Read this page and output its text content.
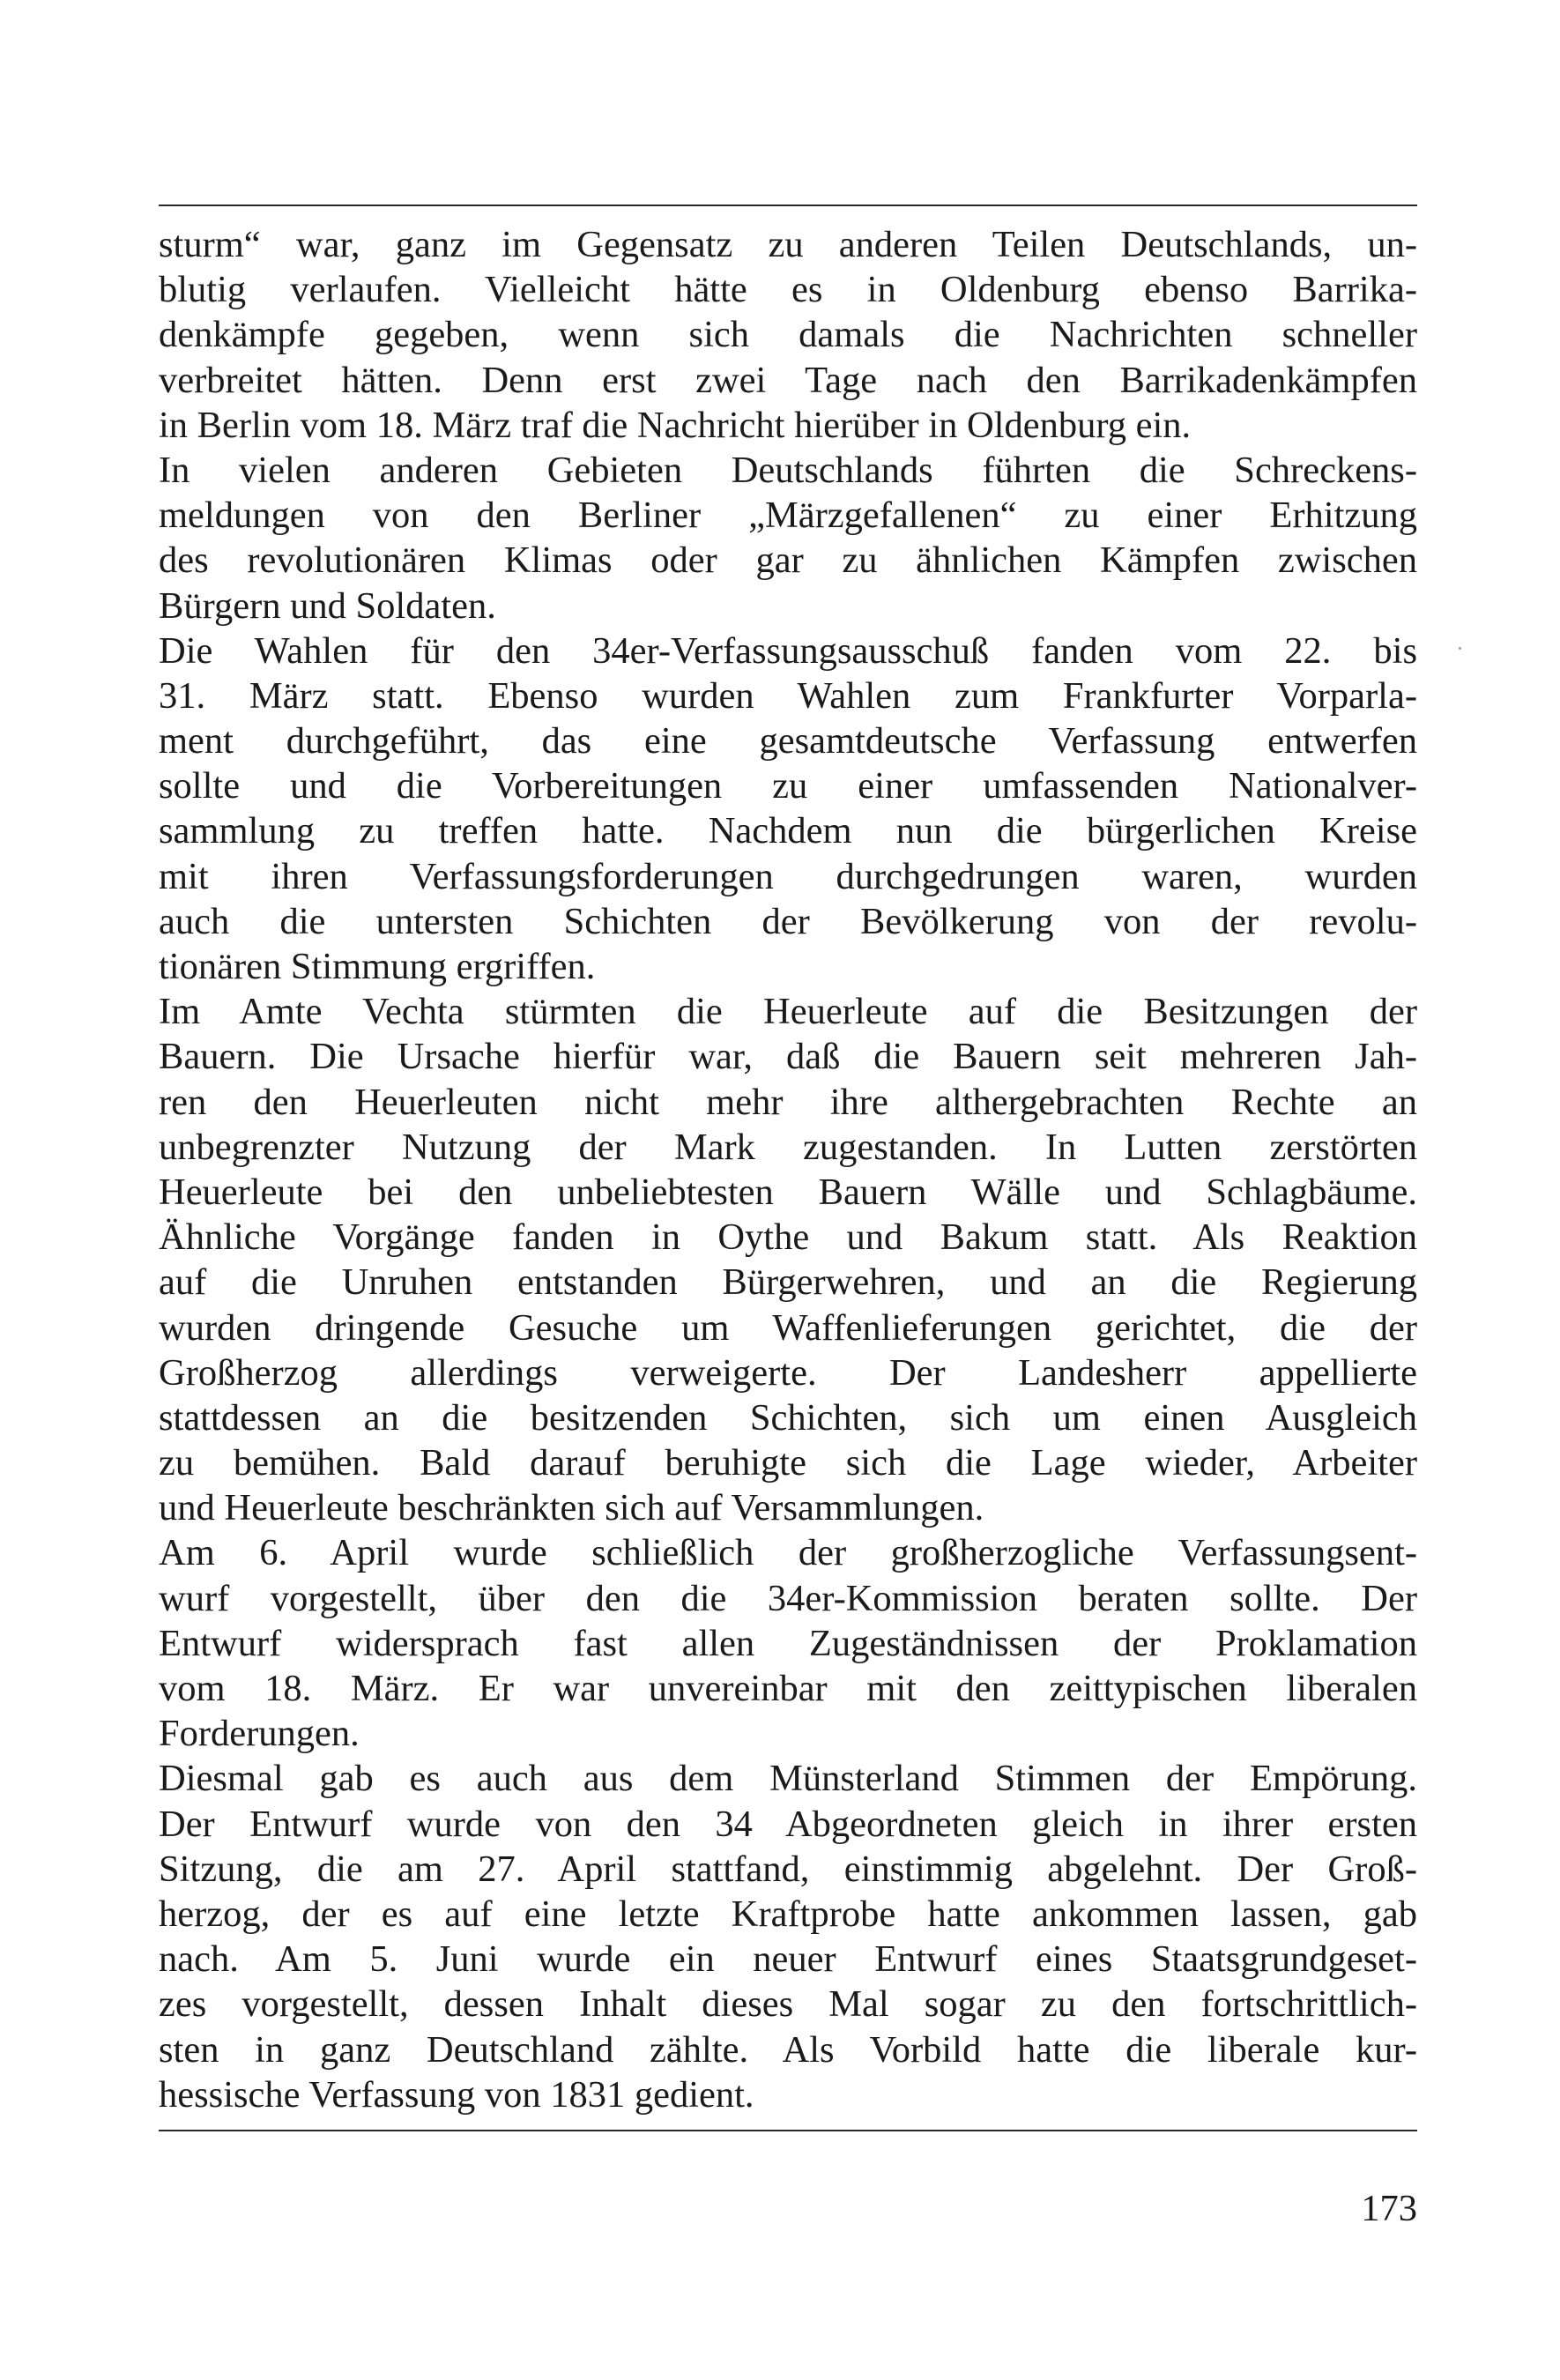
sturm“ war, ganz im Gegensatz zu anderen Teilen Deutschlands, un-
blutig verlaufen. Vielleicht hätte es in Oldenburg ebenso Barrika-
denkämpfe gegeben, wenn sich damals die Nachrichten schneller
verbreitet hätten. Denn erst zwei Tage nach den Barrikadenkämpfen
in Berlin vom 18. März traf die Nachricht hierüber in Oldenburg ein.
In vielen anderen Gebieten Deutschlands führten die Schreckens-
meldungen von den Berliner „Märzgefallenen“ zu einer Erhitzung
des revolutionären Klimas oder gar zu ähnlichen Kämpfen zwischen
Bürgern und Soldaten.
Die Wahlen für den 34er-Verfassungsausschuß fanden vom 22. bis
31. März statt. Ebenso wurden Wahlen zum Frankfurter Vorparla-
ment durchgeführt, das eine gesamtdeutsche Verfassung entwerfen
sollte und die Vorbereitungen zu einer umfassenden Nationalver-
sammlung zu treffen hatte. Nachdem nun die bürgerlichen Kreise
mit ihren Verfassungsforderungen durchgedrungen waren, wurden
auch die untersten Schichten der Bevölkerung von der revolu-
tionären Stimmung ergriffen.
Im Amte Vechta stürmten die Heuerleute auf die Besitzungen der
Bauern. Die Ursache hierfür war, daß die Bauern seit mehreren Jah-
ren den Heuerleuten nicht mehr ihre althergebrachten Rechte an
unbegrenzter Nutzung der Mark zugestanden. In Lutten zerstörten
Heuerleute bei den unbeliebtesten Bauern Wälle und Schlagbäume.
Ähnliche Vorgänge fanden in Oythe und Bakum statt. Als Reaktion
auf die Unruhen entstanden Bürgerwehren, und an die Regierung
wurden dringende Gesuche um Waffenlieferungen gerichtet, die der
Großherzog allerdings verweigerte. Der Landesherr appellierte
stattdessen an die besitzenden Schichten, sich um einen Ausgleich
zu bemühen. Bald darauf beruhigte sich die Lage wieder, Arbeiter
und Heuerleute beschränkten sich auf Versammlungen.
Am 6. April wurde schließlich der großherzogliche Verfassungsent-
wurf vorgestellt, über den die 34er-Kommission beraten sollte. Der
Entwurf widersprach fast allen Zugeständnissen der Proklamation
vom 18. März. Er war unvereinbar mit den zeittypischen liberalen
Forderungen.
Diesmal gab es auch aus dem Münsterland Stimmen der Empörung.
Der Entwurf wurde von den 34 Abgeordneten gleich in ihrer ersten
Sitzung, die am 27. April stattfand, einstimmig abgelehnt. Der Groß-
herzog, der es auf eine letzte Kraftprobe hatte ankommen lassen, gab
nach. Am 5. Juni wurde ein neuer Entwurf eines Staatsgrundgeset-
zes vorgestellt, dessen Inhalt dieses Mal sogar zu den fortschrittlich-
sten in ganz Deutschland zählte. Als Vorbild hatte die liberale kur-
hessische Verfassung von 1831 gedient.
173
